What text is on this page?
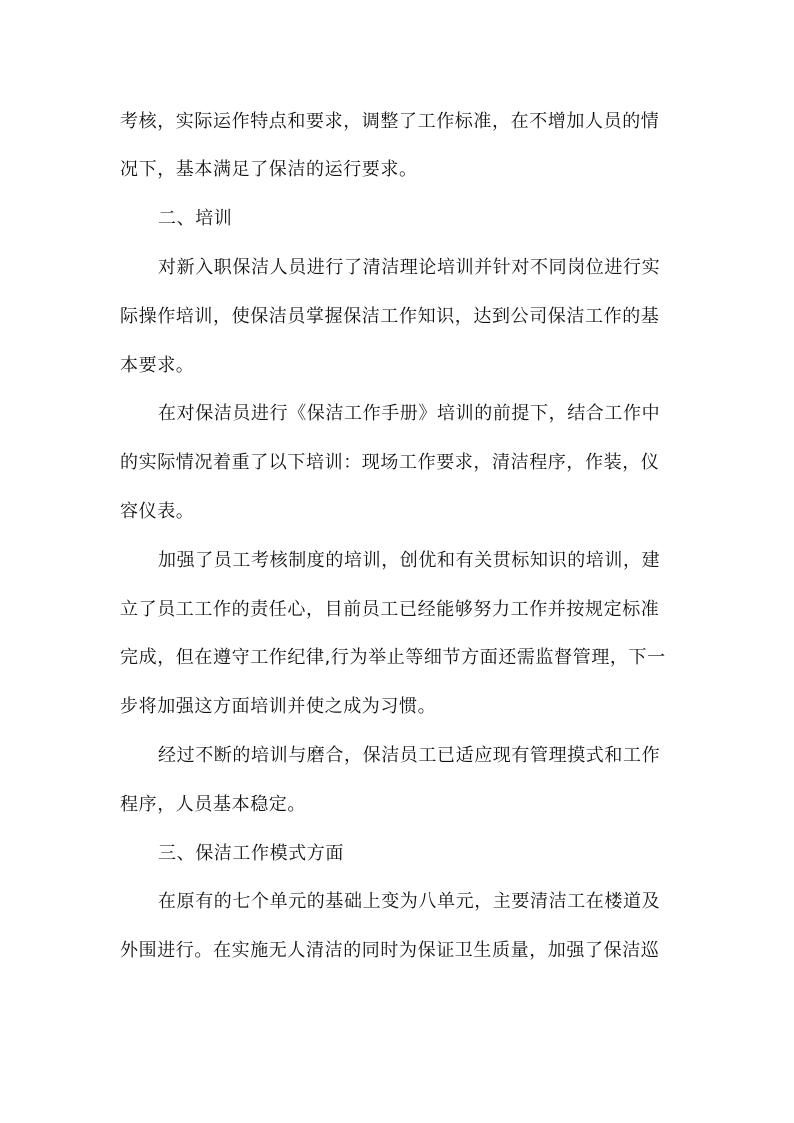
考核，实际运作特点和要求，调整了工作标准，在不增加人员的情
况下，基本满足了保洁的运行要求。
二、培训
对新入职保洁人员进行了清洁理论培训并针对不同岗位进行实
际操作培训，使保洁员掌握保洁工作知识，达到公司保洁工作的基
本要求。
在对保洁员进行《保洁工作手册》培训的前提下，结合工作中
的实际情况着重了以下培训：现场工作要求，清洁程序，作装，仪
容仪表。
加强了员工考核制度的培训，创优和有关贯标知识的培训，建
立了员工工作的责任心，目前员工已经能够努力工作并按规定标准
完成，但在遵守工作纪律,行为举止等细节方面还需监督管理，下一
步将加强这方面培训并使之成为习惯。
经过不断的培训与磨合，保洁员工已适应现有管理摸式和工作
程序，人员基本稳定。
三、保洁工作模式方面
在原有的七个单元的基础上变为八单元，主要清洁工在楼道及
外围进行。在实施无人清洁的同时为保证卫生质量，加强了保洁巡
